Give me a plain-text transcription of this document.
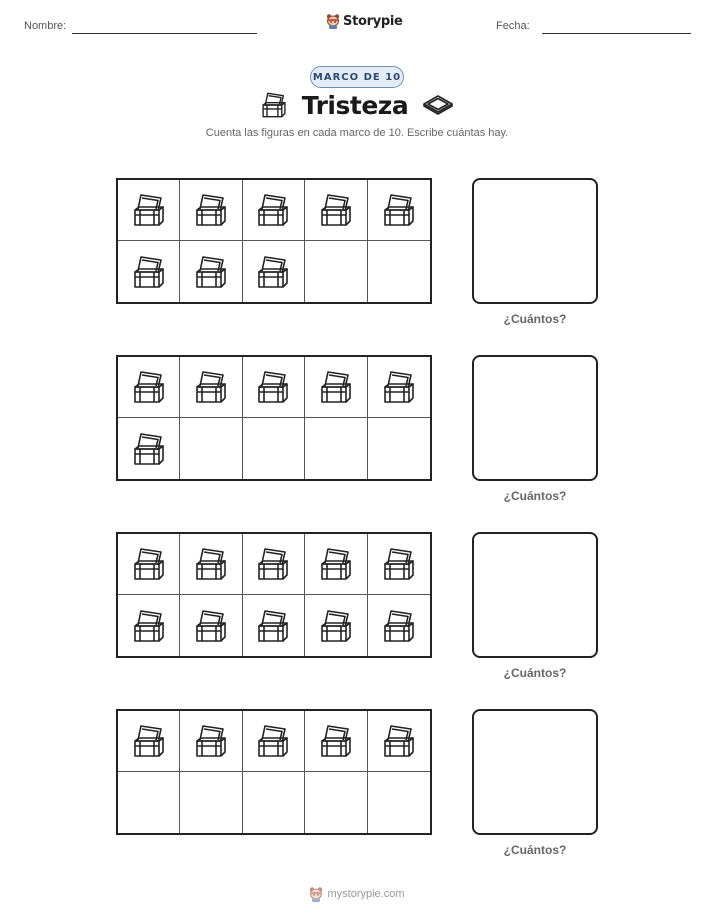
Nombre:	Storypie	Fecha:
MARCO DE 10
Tristeza
Cuenta las figuras en cada marco de 10. Escribe cuántas hay.
¿Cuántos?
¿Cuántos?
¿Cuántos?
¿Cuántos?
mystorypie.com
